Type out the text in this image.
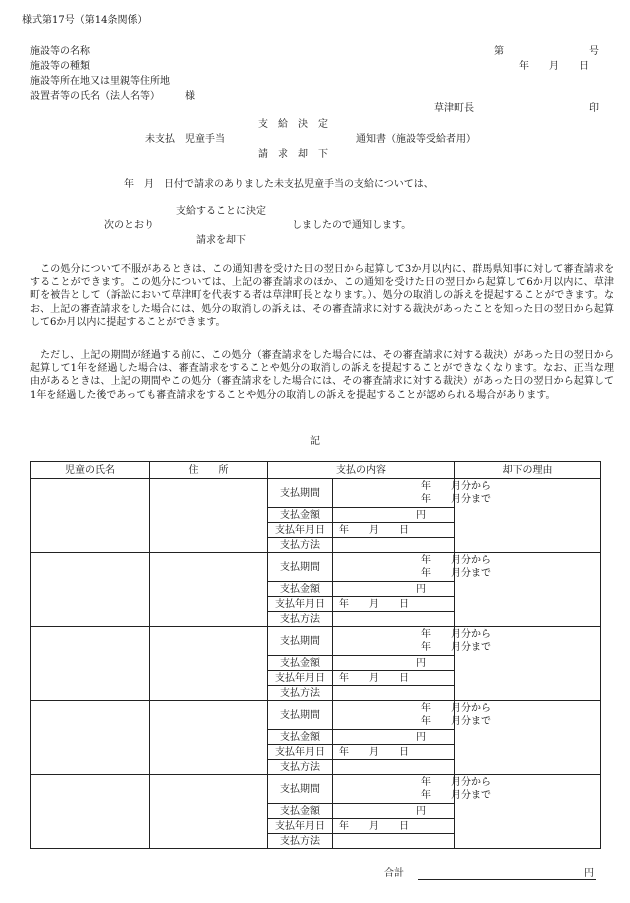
様式第17号（第14条関係）
施設等の名称
施設等の種類
施設等所在地又は里親等住所地
設置者等の氏名（法人名等）　　　様
第	号
年　　月　　日
草津町長	印
支　給　決　定
未支払　児童手当	通知書（施設等受給者用）
請　求　却　下
年　月　日付で請求のありました未支払児童手当の支給については、
支給することに決定
次のとおり	しましたので通知します。
請求を却下
　この処分について不服があるときは、この通知書を受けた日の翌日から起算して3か月以内に、群馬県知事に対して審査請求をすることができます。この処分については、上記の審査請求のほか、この通知を受けた日の翌日から起算して6か月以内に、草津町を被告として（訴訟において草津町を代表する者は草津町長となります。）、処分の取消しの訴えを提起することができます。なお、上記の審査請求をした場合には、処分の取消しの訴えは、その審査請求に対する裁決があったことを知った日の翌日から起算して6か月以内に提起することができます。
　ただし、上記の期間が経過する前に、この処分（審査請求をした場合には、その審査請求に対する裁決）があった日の翌日から起算して1年を経過した場合は、審査請求をすることや処分の取消しの訴えを提起することができなくなります。なお、正当な理由があるときは、上記の期間やこの処分（審査請求をした場合には、その審査請求に対する裁決）があった日の翌日から起算して1年を経過した後であっても審査請求をすることや処分の取消しの訴えを提起することが認められる場合があります。
記
児童の氏名	住　　所	支払の内容		却下の理由
		支払期間	年　　月分から
年　　月分まで	

		支払金額	円	
		支払年月日	年　　月　　日	
		支払方法		
		支払期間	年　　月分から
年　　月分まで	

		支払金額	円	
		支払年月日	年　　月　　日	
		支払方法		
		支払期間	年　　月分から
年　　月分まで	

		支払金額	円	
		支払年月日	年　　月　　日	
		支払方法		
		支払期間	年　　月分から
年　　月分まで	

		支払金額	円	
		支払年月日	年　　月　　日	
		支払方法		
		支払期間	年　　月分から
年　　月分まで	

		支払金額	円	
		支払年月日	年　　月　　日	
		支払方法		
合計	円
